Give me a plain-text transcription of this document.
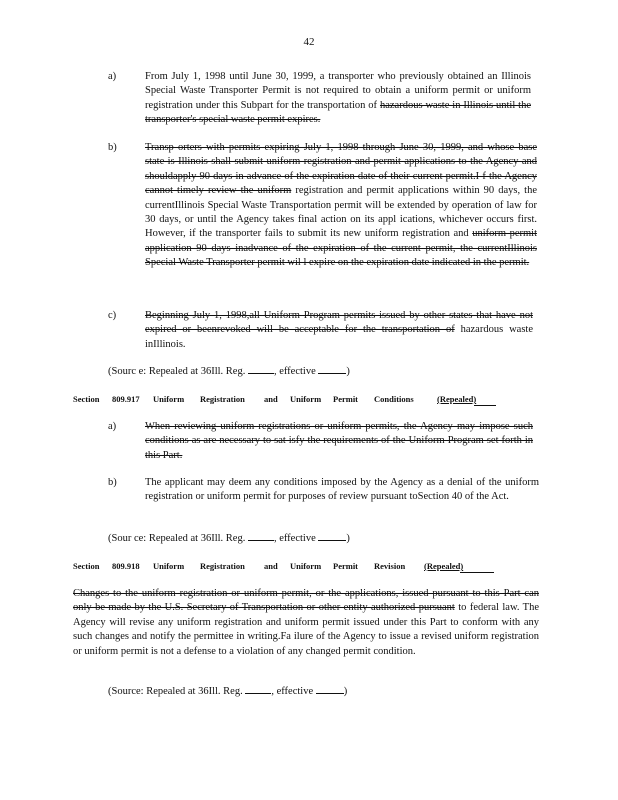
42
a)	From July 1, 1998 until June 30, 1999, a transporter who previously obtained an Illinois Special Waste Transporter Permit is not required to obtain a uniform permit or uniform registration under this Subpart for the transportation of hazardous waste in Illinois until the transporter's special waste permit expires.
b)	Transp orters with permits expiring July 1, 1998 through June 30, 1999, and whose base state is Illinois shall submit uniform registration and permit applications to the Agency and shouldapply 90 days in advance of the expiration date of their current permit.I f the Agency cannot timely review the uniform registration and permit applications within 90 days, the currentIllinois Special Waste Transportation permit will be extended by operation of law for 30 days, or until the Agency takes final action on its appl ications, whichever occurs first. However, if the transporter fails to submit its new uniform registration and uniform permit application 90 days inadvance of the expiration of the current permit, the currentIllinois Special Waste Transporter permit wil l expire on the expiration date indicated in the permit.
c)	Beginning July 1, 1998,all Uniform Program permits issued by other states that have not expired or beenrevoked will be acceptable for the transportation of hazardous waste inIllinois.
(Sourc e: Repealed at 36Ill. Reg.	, effective	)
Section 809.917 Uniform Registration and Uniform Permit Conditions	(Repealed)
a)	When reviewing uniform registrations or uniform permits, the Agency may impose such conditions as are necessary to sat isfy the requirements of the Uniform Program set forth in this Part.
b)	The applicant may deem any conditions imposed by the Agency as a denial of the uniform registration or uniform permit for purposes of review pursuant toSection 40 of the Act.
(Sour ce: Repealed at 36Ill. Reg.	, effective	)
Section 809.918 Uniform Registration and Uniform Permit Revision (Repealed)
Changes to the uniform registration or uniform permit, or the applications, issued pursuant to this Part can only be made by the U.S. Secretary of Transportation or other entity authorized pursuant to federal law. The Agency will revise any uniform registration and uniform permit issued under this Part to conform with any such changes and notify the permittee in writing.Fa ilure of the Agency to issue a revised uniform registration or uniform permit is not a defense to a violation of any changed permit condition.
(Source: Repealed at 36Ill. Reg.	, effective	)
